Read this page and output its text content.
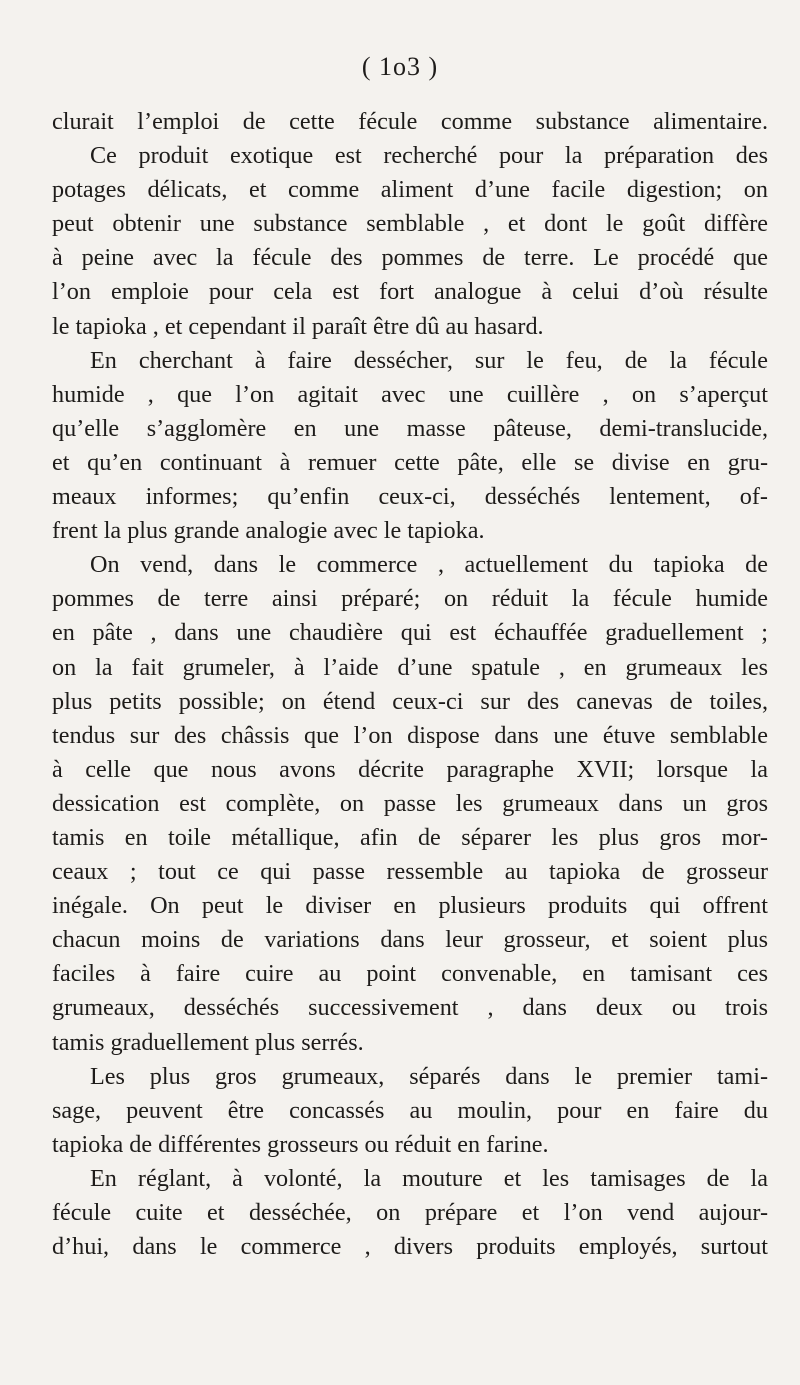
( 1o3 )
clurait l’emploi de cette fécule comme substance alimentaire.
Ce produit exotique est recherché pour la préparation des
potages délicats, et comme aliment d’une facile digestion; on
peut obtenir une substance semblable , et dont le goût diffère
à peine avec la fécule des pommes de terre. Le procédé que
l’on emploie pour cela est fort analogue à celui d’où résulte
le tapioka , et cependant il paraît être dû au hasard.
En cherchant à faire dessécher, sur le feu, de la fécule
humide , que l’on agitait avec une cuillère , on s’aperçut
qu’elle s’agglomère en une masse pâteuse, demi-translucide,
et qu’en continuant à remuer cette pâte, elle se divise en gru-
meaux informes; qu’enfin ceux-ci, desséchés lentement, of-
frent la plus grande analogie avec le tapioka.
On vend, dans le commerce , actuellement du tapioka de
pommes de terre ainsi préparé; on réduit la fécule humide
en pâte , dans une chaudière qui est échauffée graduellement ;
on la fait grumeler, à l’aide d’une spatule , en grumeaux les
plus petits possible; on étend ceux-ci sur des canevas de toiles,
tendus sur des châssis que l’on dispose dans une étuve semblable
à celle que nous avons décrite paragraphe XVII; lorsque la
dessication est complète, on passe les grumeaux dans un gros
tamis en toile métallique, afin de séparer les plus gros mor-
ceaux ; tout ce qui passe ressemble au tapioka de grosseur
inégale. On peut le diviser en plusieurs produits qui offrent
chacun moins de variations dans leur grosseur, et soient plus
faciles à faire cuire au point convenable, en tamisant ces
grumeaux, desséchés successivement , dans deux ou trois
tamis graduellement plus serrés.
Les plus gros grumeaux, séparés dans le premier tami-
sage, peuvent être concassés au moulin, pour en faire du
tapioka de différentes grosseurs ou réduit en farine.
En réglant, à volonté, la mouture et les tamisages de la
fécule cuite et desséchée, on prépare et l’on vend aujour-
d’hui, dans le commerce , divers produits employés, surtout
